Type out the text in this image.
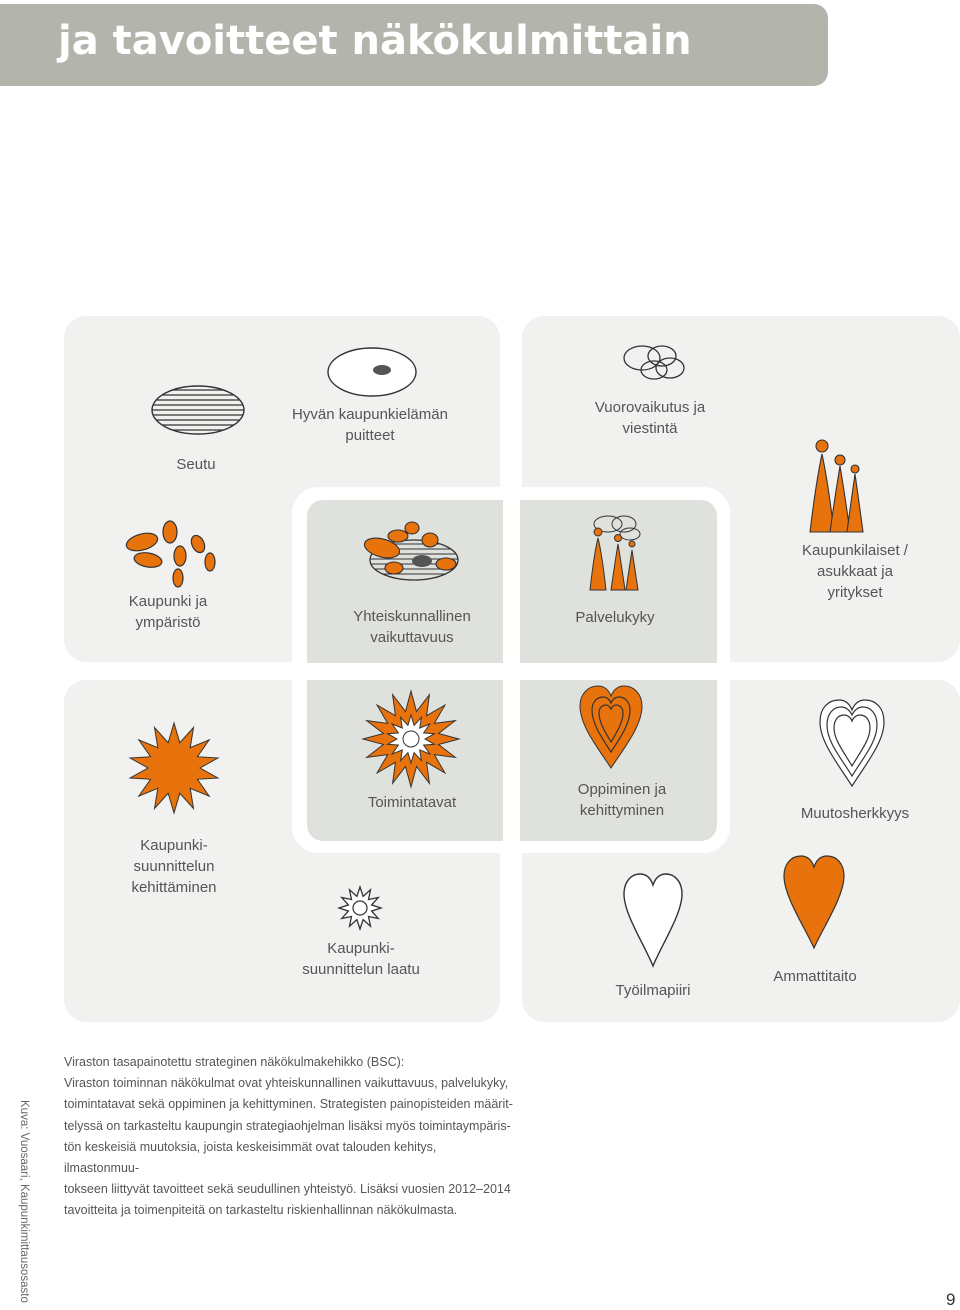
ja tavoitteet näkökulmittain
Seutu
Hyvän kaupunkielämän
puitteet
Vuorovaikutus ja
viestintä
Kaupunki ja
ympäristö	Yhteiskunnallinen
vaikuttavuus
Palvelukyky
Kaupunkilaiset /
asukkaat ja
yritykset
Toimintatavat
Oppiminen ja
kehittyminen	Muutosherkkyys
Kaupunki-
suunnittelun
kehittäminen
Kaupunki-
suunnittelun laatu
Työilmapiiri
Ammattitaito

Viraston tasapainotettu strateginen näkökulmakehikko (BSC):

Viraston toiminnan näkökulmat ovat yhteiskunnallinen vaikuttavuus, palvelukyky,

toimintatavat sekä oppiminen ja kehittyminen. Strategisten painopisteiden määrit-

telyssä on tarkasteltu kaupungin strategiaohjelman lisäksi myös toimintaympäris-

tön keskeisiä muutoksia, joista keskeisimmät ovat talouden kehitys, ilmastonmuu-

tokseen liittyvät tavoitteet sekä seudullinen yhteistyö. Lisäksi vuosien 2012–2014

tavoitteita ja toimenpiteitä on tarkasteltu riskienhallinnan näkökulmasta.

Kuva: Vuosaari, Kaupunkimittausosasto	9
